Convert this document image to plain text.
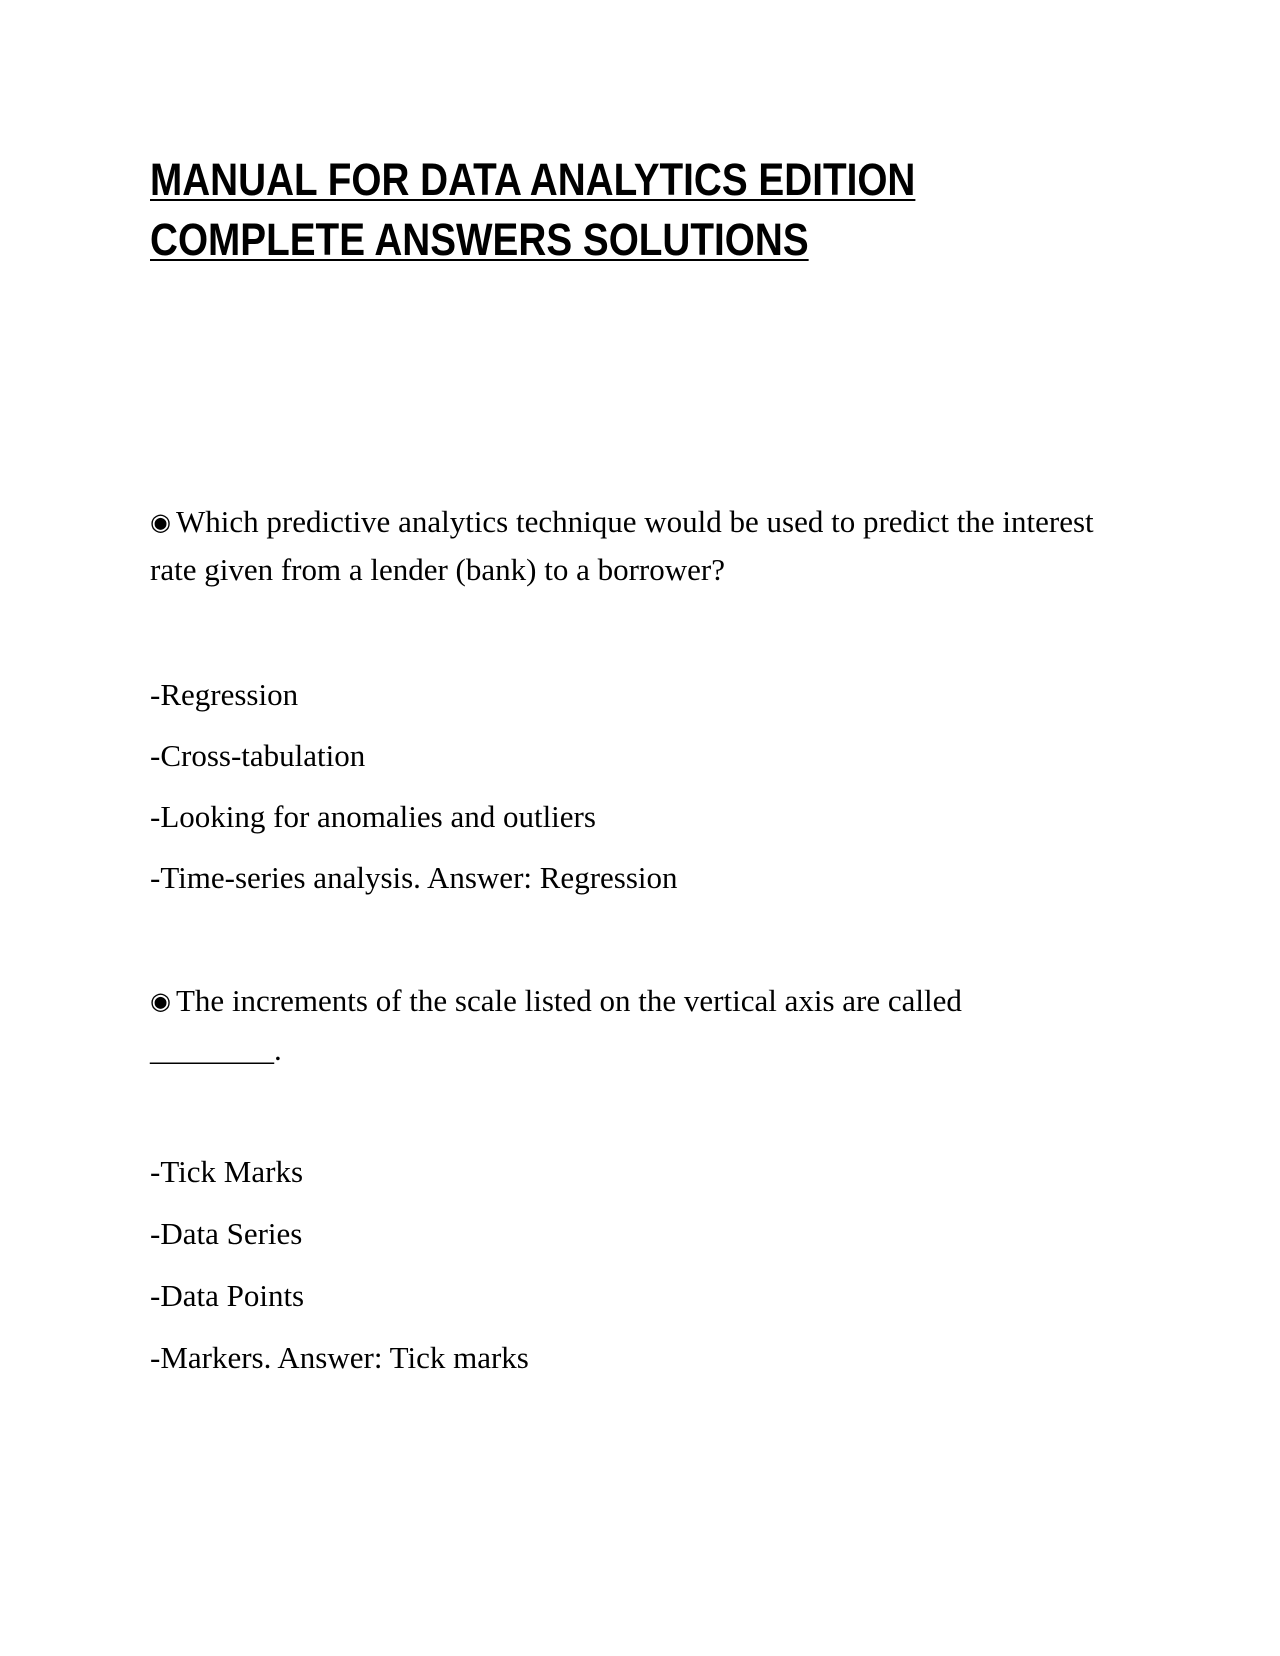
MANUAL FOR DATA ANALYTICS EDITION
COMPLETE ANSWERS SOLUTIONS
◉ Which predictive analytics technique would be used to predict the interest rate given from a lender (bank) to a borrower?
-Regression
-Cross-tabulation
-Looking for anomalies and outliers
-Time-series analysis. Answer: Regression
◉ The increments of the scale listed on the vertical axis are called
________.
-Tick Marks
-Data Series
-Data Points
-Markers. Answer: Tick marks
